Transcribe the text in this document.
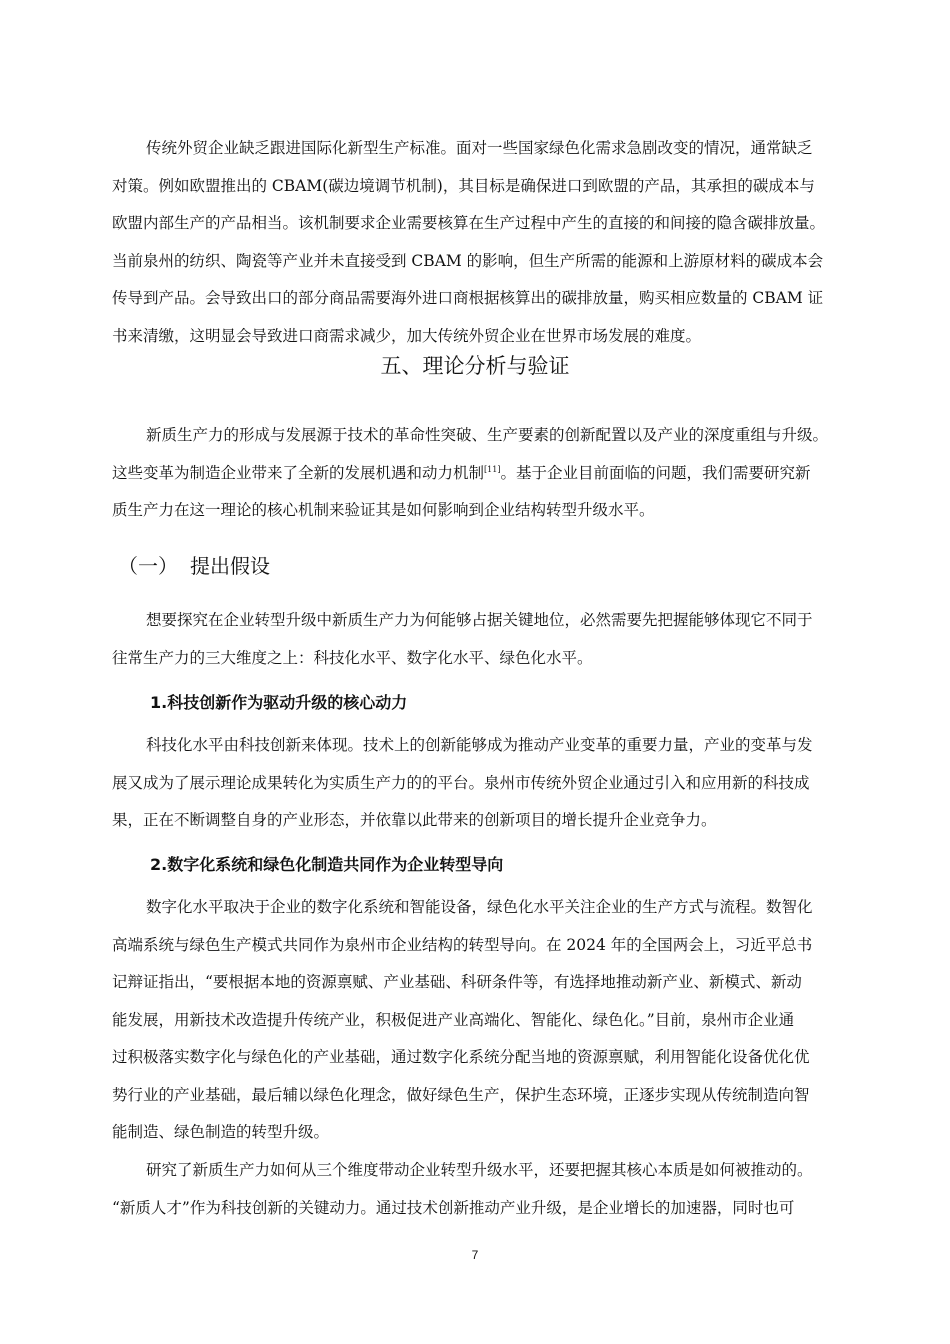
传统外贸企业缺乏跟进国际化新型生产标准。面对一些国家绿色化需求急剧改变的情况，通常缺乏
对策。例如欧盟推出的 CBAM(碳边境调节机制)，其目标是确保进口到欧盟的产品，其承担的碳成本与
欧盟内部生产的产品相当。该机制要求企业需要核算在生产过程中产生的直接的和间接的隐含碳排放量。
当前泉州的纺织、陶瓷等产业并未直接受到 CBAM 的影响，但生产所需的能源和上游原材料的碳成本会
传导到产品。会导致出口的部分商品需要海外进口商根据核算出的碳排放量，购买相应数量的 CBAM 证
书来清缴，这明显会导致进口商需求减少，加大传统外贸企业在世界市场发展的难度。
五、理论分析与验证
新质生产力的形成与发展源于技术的革命性突破、生产要素的创新配置以及产业的深度重组与升级。
这些变革为制造企业带来了全新的发展机遇和动力机制[11]。基于企业目前面临的问题，我们需要研究新
质生产力在这一理论的核心机制来验证其是如何影响到企业结构转型升级水平。
（一） 提出假设
想要探究在企业转型升级中新质生产力为何能够占据关键地位，必然需要先把握能够体现它不同于
往常生产力的三大维度之上：科技化水平、数字化水平、绿色化水平。
1.科技创新作为驱动升级的核心动力
科技化水平由科技创新来体现。技术上的创新能够成为推动产业变革的重要力量，产业的变革与发
展又成为了展示理论成果转化为实质生产力的的平台。泉州市传统外贸企业通过引入和应用新的科技成
果，正在不断调整自身的产业形态，并依靠以此带来的创新项目的增长提升企业竞争力。
2.数字化系统和绿色化制造共同作为企业转型导向
数字化水平取决于企业的数字化系统和智能设备，绿色化水平关注企业的生产方式与流程。数智化
高端系统与绿色生产模式共同作为泉州市企业结构的转型导向。在 2024 年的全国两会上，习近平总书
记辩证指出，“要根据本地的资源禀赋、产业基础、科研条件等，有选择地推动新产业、新模式、新动
能发展，用新技术改造提升传统产业，积极促进产业高端化、智能化、绿色化。”目前，泉州市企业通
过积极落实数字化与绿色化的产业基础，通过数字化系统分配当地的资源禀赋，利用智能化设备优化优
势行业的产业基础，最后辅以绿色化理念，做好绿色生产，保护生态环境，正逐步实现从传统制造向智
能制造、绿色制造的转型升级。
研究了新质生产力如何从三个维度带动企业转型升级水平，还要把握其核心本质是如何被推动的。
“新质人才”作为科技创新的关键动力。通过技术创新推动产业升级，是企业增长的加速器，同时也可
7
